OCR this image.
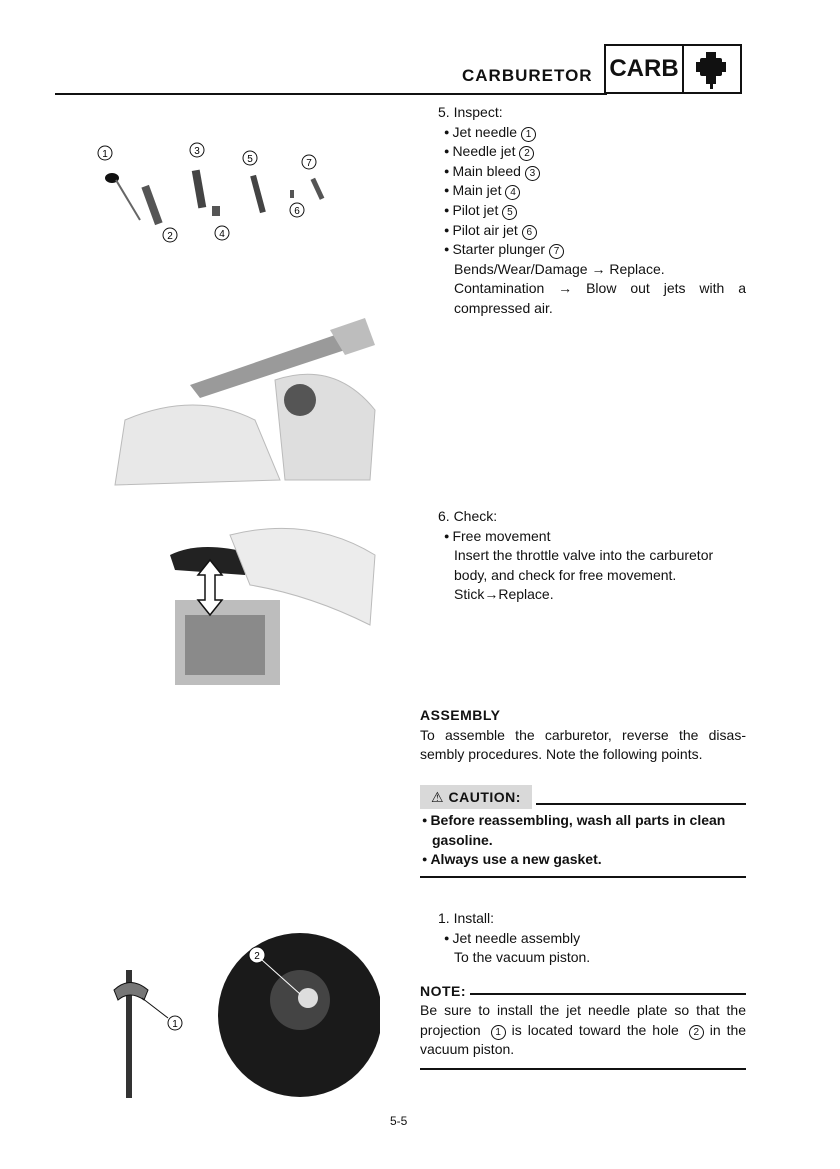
CARBURETOR CARB
1
2
3
4
5
6
7
1
2
5. Inspect:
● Jet needle 1
● Needle jet 2
● Main bleed 3
● Main jet 4
● Pilot jet 5
● Pilot air jet 6
● Starter plunger 7
Bends/Wear/Damage → Replace.
Contamination → Blow out jets with a compressed air.
6. Check:
● Free movement
Insert the throttle valve into the carburetor body, and check for free movement.
Stick→Replace.
ASSEMBLY
To assemble the carburetor, reverse the disas-sembly procedures. Note the following points.
⚠ CAUTION:
● Before reassembling, wash all parts in clean gasoline.
● Always use a new gasket.
1. Install:
● Jet needle assembly
To the vacuum piston.
NOTE:
Be sure to install the jet needle plate so that the projection 1 is located toward the hole 2 in the vacuum piston.
5-5
